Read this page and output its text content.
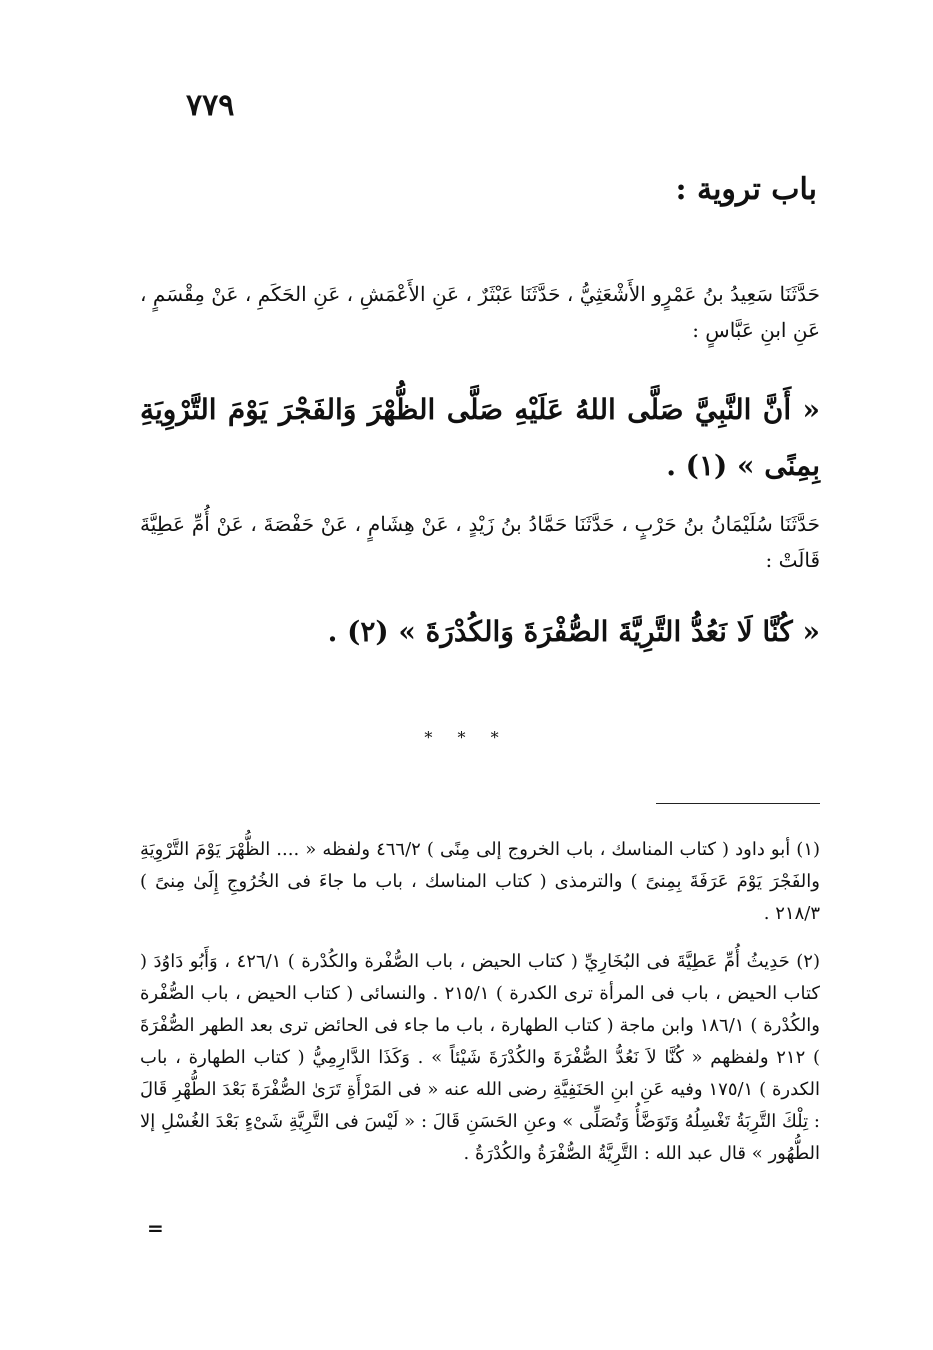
٧٧٩
باب تروية :
حَدَّثَنَا سَعِيدُ بنُ عَمْرٍو الأَشْعَثِيُّ ، حَدَّثَنَا عَبْثَرٌ ، عَنِ الأَعْمَشِ ، عَنِ الحَكَمِ ، عَنْ مِقْسَمٍ ، عَنِ ابنِ عَبَّاسٍ :
« أَنَّ النَّبِيَّ صَلَّى اللهُ عَلَيْهِ صَلَّى الظُّهْرَ وَالفَجْرَ يَوْمَ التَّرْوِيَةِ بِمِنًى » (١) .
حَدَّثَنَا سُلَيْمَانُ بنُ حَرْبٍ ، حَدَّثَنَا حَمَّادُ بنُ زَيْدٍ ، عَنْ هِشَامٍ ، عَنْ حَفْصَةَ ، عَنْ أُمِّ عَطِيَّةَ قَالَتْ :
« كُنَّا لَا نَعُدُّ التَّرِيَّةَ الصُّفْرَةَ وَالكُدْرَةَ » (٢) .
* * *
(١) أبو داود ( كتاب المناسك ، باب الخروج إلى مِنًى ) ٤٦٦/٢ ولفظه « .... الظُّهْرَ يَوْمَ التَّرْوِيَةِ والفَجْرَ يَوْمَ عَرَفَةَ بِمِنىً ) والترمذى ( كتاب المناسك ، باب ما جاءَ فى الخُرُوجِ إِلَىٰ مِنىً ) ٢١٨/٣ .
(٢) حَدِيثُ أُمِّ عَطِيَّةَ فى البُخَارِيِّ ( كتاب الحيض ، باب الصُّفْرة والكُدْرة ) ٤٢٦/١ ، وَأَبُو دَاوُدَ ( كتاب الحيض ، باب فى المرأة ترى الكدرة ) ٢١٥/١ . والنسائى ( كتاب الحيض ، باب الصُّفْرة والكُدْرة ) ١٨٦/١ وابن ماجة ( كتاب الطهارة ، باب ما جاء فى الحائض ترى بعد الطهر الصُّفْرَةَ ) ٢١٢ ولفظهم « كُنَّا لاَ نَعُدُّ الصُّفْرَةَ والكُدْرَةَ شَيْئاً » . وَكَذَا الدَّارِمِيُّ ( كتاب الطهارة ، باب الكدرة ) ١٧٥/١ وفيه عَنِ ابنِ الحَنَفِيَّةِ رضى الله عنه « فى المَرْأَةِ تَرَىٰ الصُّفْرَةَ بَعْدَ الطُّهْرِ قَالَ : تِلْكَ التَّرِبَةُ تَغْسِلُهُ وَتَوَضَّأُ وَتُصَلِّى » وعنِ الحَسَنِ قَالَ : « لَيْسَ فى التَّرِيَّةِ شَىْءٍ بَعْدَ الغُسْلِ إلا الطُّهُور » قال عبد الله : التَّرِيَّةُ الصُّفْرَةُ والكُدْرَةُ .
=
